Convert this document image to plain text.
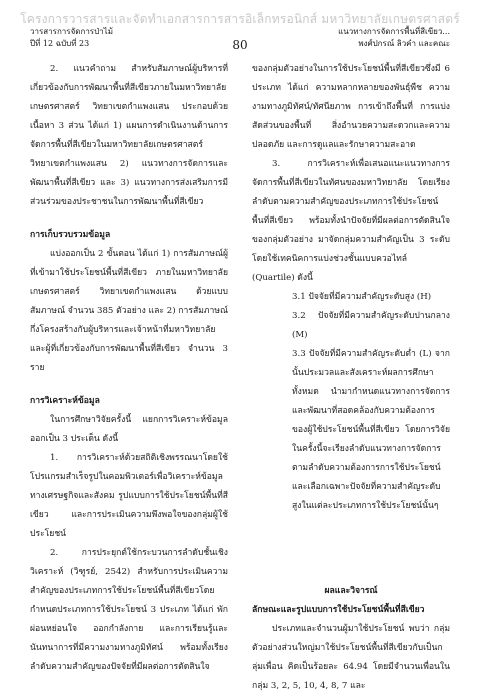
โครงการวารสารและจัดทำเอกสารการสารอิเล็กทรอนิกส์ มหาวิทยาลัยเกษตรศาสตร์
วารสารการจัดการป่าไม้
ปีที่ 12 ฉบับที่ 23	80
แนวทางการจัดการพื้นที่สีเขียว...
พงศ์ปกรณ์ ลิวคำ และคณะ

2. แนวคำถาม สำหรับสัมภาษณ์ผู้บริหารที่เกี่ยวข้องกับการพัฒนาพื้นที่สีเขียวภายในมหาวิทยาลัยเกษตรศาสตร์ วิทยาเขตกำแพงแสน ประกอบด้วยเนื้อหา 3 ส่วน ได้แก่ 1) แผนการดำเนินงานด้านการจัดการพื้นที่สีเขียวในมหาวิทยาลัยเกษตรศาสตร์ วิทยาเขตกำแพงแสน 2) แนวทางการจัดการและพัฒนาพื้นที่สีเขียว และ 3) แนวทางการส่งเสริมการมีส่วนร่วมของประชาชนในการพัฒนาพื้นที่สีเขียว

การเก็บรวบรวมข้อมูล

แบ่งออกเป็น 2 ขั้นตอน ได้แก่ 1) การสัมภาษณ์ผู้ที่เข้ามาใช้ประโยชน์พื้นที่สีเขียว ภายในมหาวิทยาลัยเกษตรศาสตร์ วิทยาเขตกำแพงแสน ด้วยแบบสัมภาษณ์ จำนวน 385 ตัวอย่าง และ 2) การสัมภาษณ์กึ่งโครงสร้างกับผู้บริหารและเจ้าหน้าที่มหาวิทยาลัยและผู้ที่เกี่ยวข้องกับการพัฒนาพื้นที่สีเขียว จำนวน 3 ราย

การวิเคราะห์ข้อมูล

ในการศึกษาวิจัยครั้งนี้ แยกการวิเคราะห์ข้อมูลออกเป็น 3 ประเด็น ดังนี้

1. การวิเคราะห์ด้วยสถิติเชิงพรรณนาโดยใช้โปรแกรมสำเร็จรูปในคอมพิวเตอร์เพื่อวิเคราะห์ข้อมูลทางเศรษฐกิจและสังคม รูปแบบการใช้ประโยชน์พื้นที่สีเขียว และการประเมินความพึงพอใจของกลุ่มผู้ใช้ประโยชน์

2. การประยุกต์ใช้กระบวนการลำดับชั้นเชิงวิเคราะห์ (วิฑูรย์, 2542) สำหรับการประเมินความสำคัญของประเภทการใช้ประโยชน์พื้นที่สีเขียวโดยกำหนดประเภทการใช้ประโยชน์ 3 ประเภท ได้แก่ พักผ่อนหย่อนใจ ออกกำลังกาย และการเรียนรู้และนันทนาการที่มีความงามทางภูมิทัศน์ พร้อมทั้งเรียงลำดับความสำคัญของปัจจัยที่มีผลต่อการตัดสินใจ

ของกลุ่มตัวอย่างในการใช้ประโยชน์พื้นที่สีเขียวซึ่งมี 6 ประเภท ได้แก่ ความหลากหลายของพันธุ์พืช ความงามทางภูมิทัศน์/ทัศนียภาพ การเข้าถึงพื้นที่ การแบ่งสัดส่วนของพื้นที่ สิ่งอำนวยความสะดวกและความปลอดภัย และการดูแลและรักษาความสะอาด

3. การวิเคราะห์เพื่อเสนอแนะแนวทางการจัดการพื้นที่สีเขียวในทัศนของมหาวิทยาลัย โดยเรียงลำดับตามความสำคัญของประเภทการใช้ประโยชน์พื้นที่สีเขียว พร้อมทั้งนำปัจจัยที่มีผลต่อการตัดสินใจของกลุ่มตัวอย่าง มาจัดกลุ่มความสำคัญเป็น 3 ระดับ โดยใช้เทคนิคการแบ่งช่วงชั้นแบบควอไทล์ (Quartile) ดังนี้

3.1 ปัจจัยที่มีความสำคัญระดับสูง (H)

3.2 ปัจจัยที่มีความสำคัญระดับปานกลาง (M)

3.3 ปัจจัยที่มีความสำคัญระดับต่ำ (L) จากนั้นประมวลและสังเคราะห์ผลการศึกษาทั้งหมด นำมากำหนดแนวทางการจัดการและพัฒนาที่สอดคล้องกับความต้องการของผู้ใช้ประโยชน์พื้นที่สีเขียว โดยการวิจัยในครั้งนี้จะเรียงลำดับแนวทางการจัดการตามลำดับความต้องการการใช้ประโยชน์ และเลือกเฉพาะปัจจัยที่ความสำคัญระดับสูงในแต่ละประเภทการใช้ประโยชน์นั้นๆ

ผลและวิจารณ์

ลักษณะและรูปแบบการใช้ประโยชน์พื้นที่สีเขียว

ประเภทและจำนวนผู้มาใช้ประโยชน์ พบว่า กลุ่มตัวอย่างส่วนใหญ่มาใช้ประโยชน์พื้นที่สีเขียวกับเป็นกลุ่มเพื่อน คิดเป็นร้อยละ 64.94 โดยมีจำนวนเพื่อนในกลุ่ม 3, 2, 5, 10, 4, 8, 7 และ
